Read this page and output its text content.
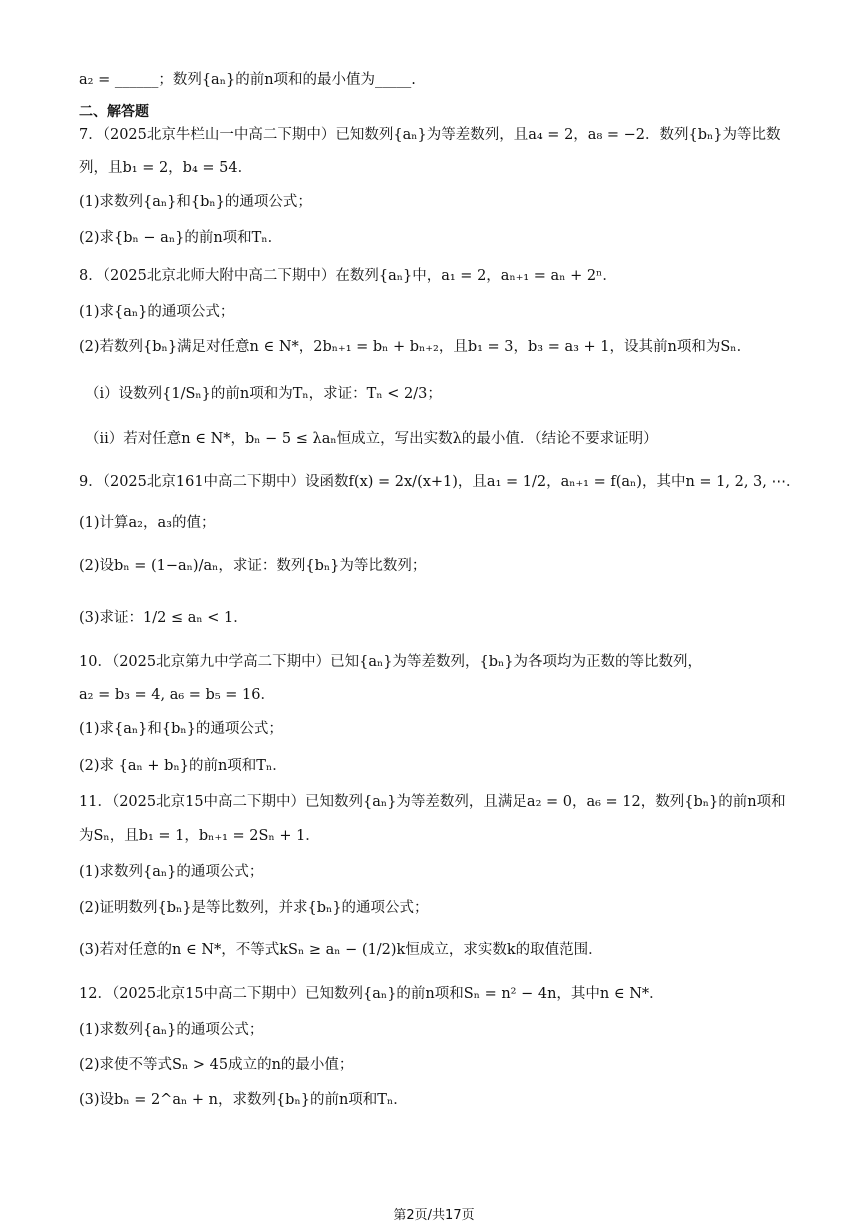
a₂ = ______；数列{aₙ}的前n项和的最小值为_____.
二、解答题
7．（2025北京牛栏山一中高二下期中）已知数列{aₙ}为等差数列，且a₄ = 2，a₈ = −2．数列{bₙ}为等比数
列，且b₁ = 2，b₄ = 54．
(1)求数列{aₙ}和{bₙ}的通项公式；
(2)求{bₙ − aₙ}的前n项和Tₙ．
8．（2025北京北师大附中高二下期中）在数列{aₙ}中，a₁ = 2，aₙ₊₁ = aₙ + 2ⁿ．
(1)求{aₙ}的通项公式；
(2)若数列{bₙ}满足对任意n ∈ N*，2bₙ₊₁ = bₙ + bₙ₊₂，且b₁ = 3，b₃ = a₃ + 1，设其前n项和为Sₙ．
（ⅰ）设数列{1/Sₙ}的前n项和为Tₙ，求证：Tₙ < 2/3；
（ⅱ）若对任意n ∈ N*，bₙ − 5 ≤ λaₙ恒成立，写出实数λ的最小值．（结论不要求证明）
9．（2025北京161中高二下期中）设函数f(x) = 2x/(x+1)，且a₁ = 1/2，aₙ₊₁ = f(aₙ)，其中n = 1, 2, 3, ⋯．
(1)计算a₂，a₃的值；
(2)设bₙ = (1−aₙ)/aₙ，求证：数列{bₙ}为等比数列；
(3)求证：1/2 ≤ aₙ < 1．
10．（2025北京第九中学高二下期中）已知{aₙ}为等差数列，{bₙ}为各项均为正数的等比数列，
a₂ = b₃ = 4, a₆ = b₅ = 16．
(1)求{aₙ}和{bₙ}的通项公式；
(2)求 {aₙ + bₙ}的前n项和Tₙ．
11．（2025北京15中高二下期中）已知数列{aₙ}为等差数列，且满足a₂ = 0，a₆ = 12，数列{bₙ}的前n项和
为Sₙ，且b₁ = 1，bₙ₊₁ = 2Sₙ + 1．
(1)求数列{aₙ}的通项公式；
(2)证明数列{bₙ}是等比数列，并求{bₙ}的通项公式；
(3)若对任意的n ∈ N*，不等式kSₙ ≥ aₙ − (1/2)k恒成立，求实数k的取值范围．
12．（2025北京15中高二下期中）已知数列{aₙ}的前n项和Sₙ = n² − 4n，其中n ∈ N*．
(1)求数列{aₙ}的通项公式；
(2)求使不等式Sₙ > 45成立的n的最小值；
(3)设bₙ = 2^aₙ + n，求数列{bₙ}的前n项和Tₙ．
第2页/共17页
